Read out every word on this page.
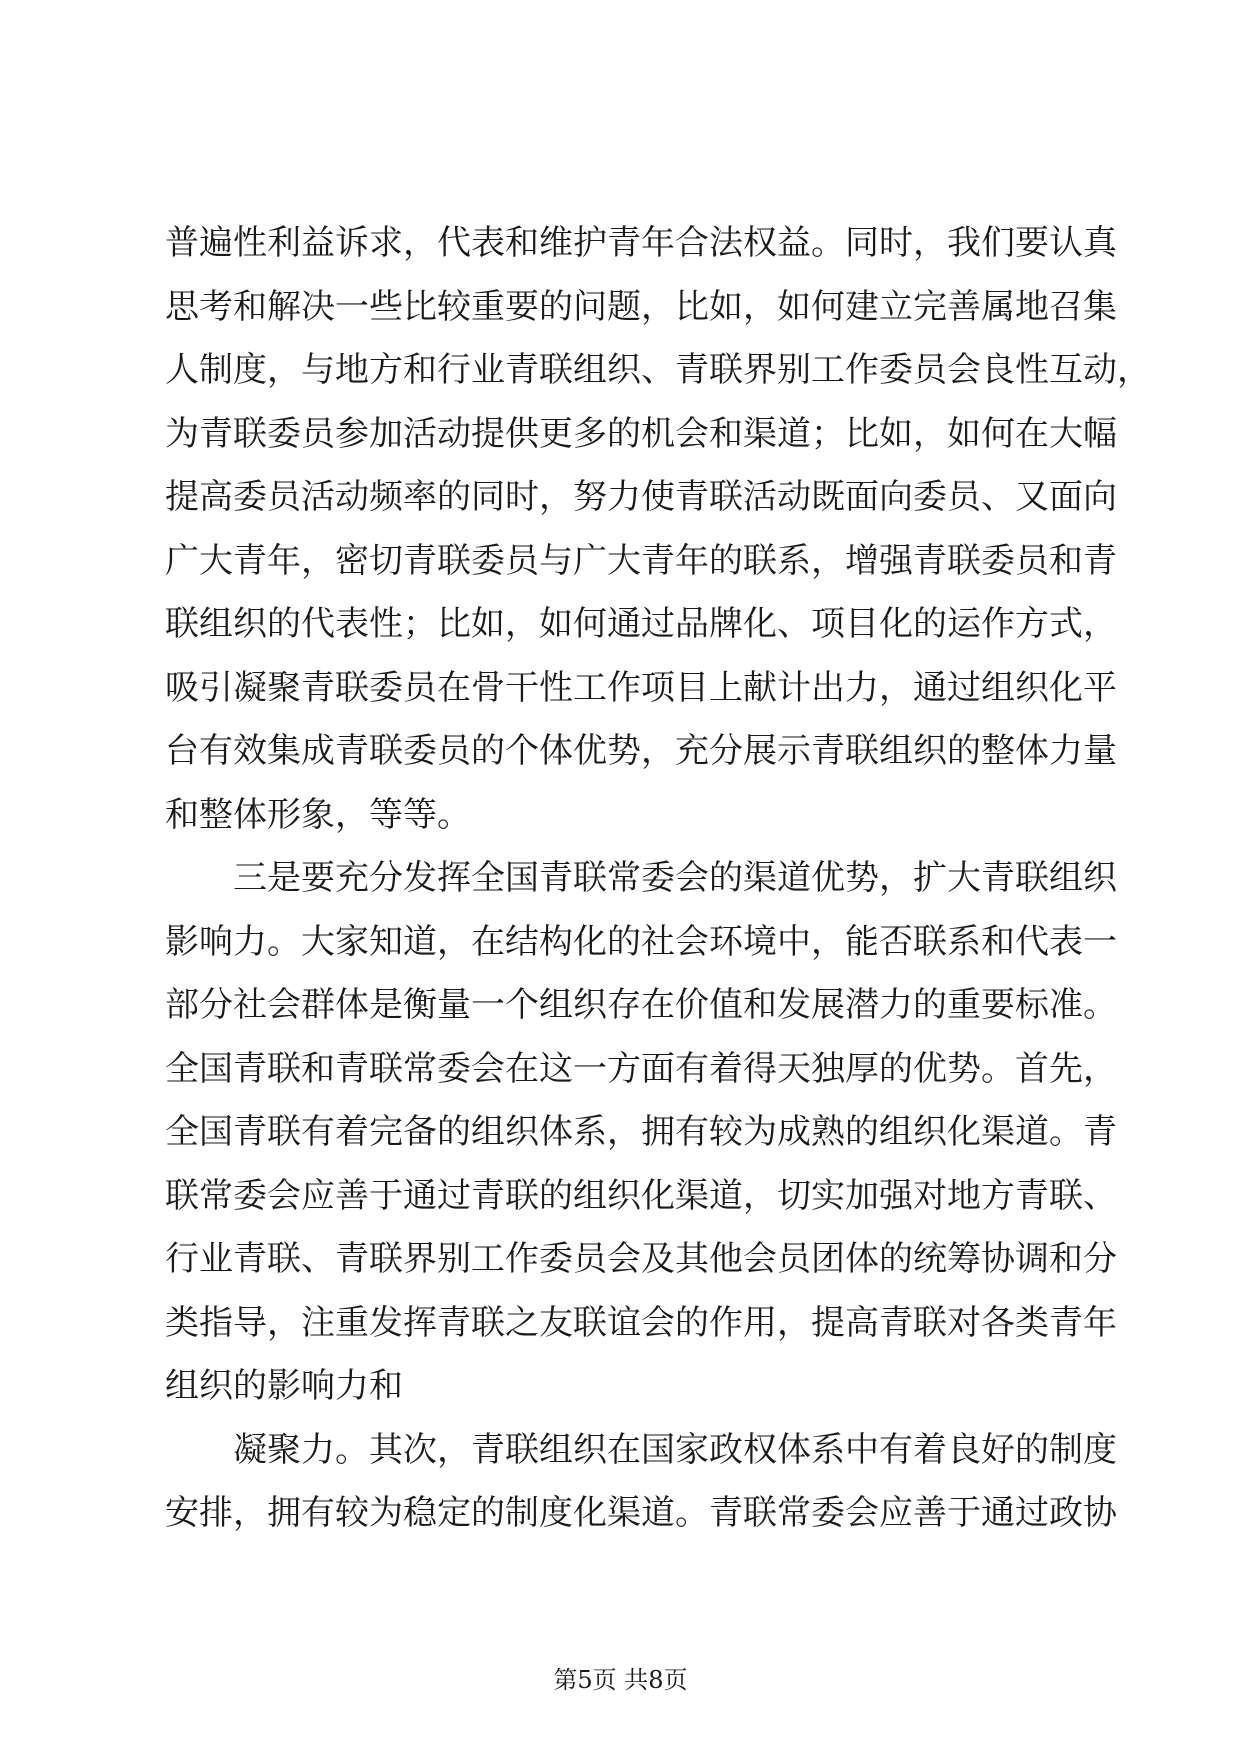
普遍性利益诉求，代表和维护青年合法权益。同时，我们要认真
思考和解决一些比较重要的问题，比如，如何建立完善属地召集
人制度，与地方和行业青联组织、青联界别工作委员会良性互动，
为青联委员参加活动提供更多的机会和渠道；比如，如何在大幅
提高委员活动频率的同时，努力使青联活动既面向委员、又面向
广大青年，密切青联委员与广大青年的联系，增强青联委员和青
联组织的代表性；比如，如何通过品牌化、项目化的运作方式，
吸引凝聚青联委员在骨干性工作项目上献计出力，通过组织化平
台有效集成青联委员的个体优势，充分展示青联组织的整体力量
和整体形象，等等。
三是要充分发挥全国青联常委会的渠道优势，扩大青联组织
影响力。大家知道，在结构化的社会环境中，能否联系和代表一
部分社会群体是衡量一个组织存在价值和发展潜力的重要标准。
全国青联和青联常委会在这一方面有着得天独厚的优势。首先，
全国青联有着完备的组织体系，拥有较为成熟的组织化渠道。青
联常委会应善于通过青联的组织化渠道，切实加强对地方青联、
行业青联、青联界别工作委员会及其他会员团体的统筹协调和分
类指导，注重发挥青联之友联谊会的作用，提高青联对各类青年
组织的影响力和
凝聚力。其次，青联组织在国家政权体系中有着良好的制度
安排，拥有较为稳定的制度化渠道。青联常委会应善于通过政协
第5页 共8页
